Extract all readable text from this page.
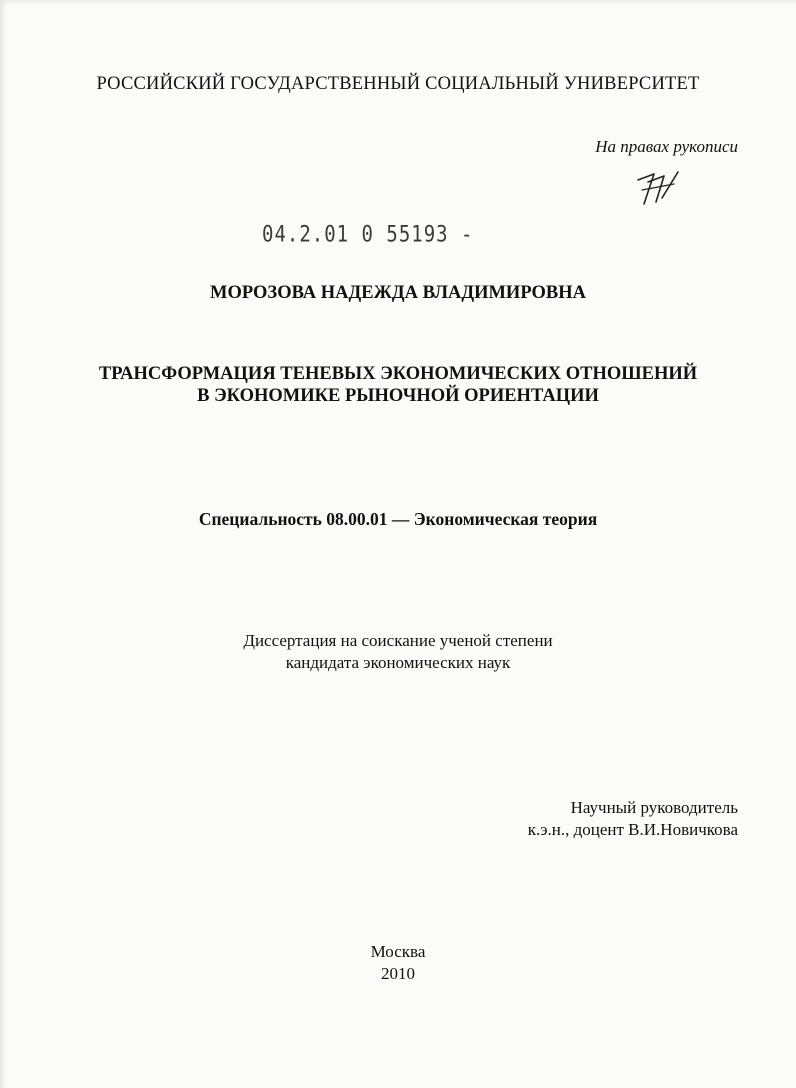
РОССИЙСКИЙ ГОСУДАРСТВЕННЫЙ СОЦИАЛЬНЫЙ УНИВЕРСИТЕТ
На правах рукописи
04.2.01 0 55193 -
МОРОЗОВА НАДЕЖДА ВЛАДИМИРОВНА
ТРАНСФОРМАЦИЯ ТЕНЕВЫХ ЭКОНОМИЧЕСКИХ ОТНОШЕНИЙ
В ЭКОНОМИКЕ РЫНОЧНОЙ ОРИЕНТАЦИИ
Специальность 08.00.01 — Экономическая теория
Диссертация на соискание ученой степени
кандидата экономических наук
Научный руководитель
к.э.н., доцент В.И.Новичкова
Москва
2010
